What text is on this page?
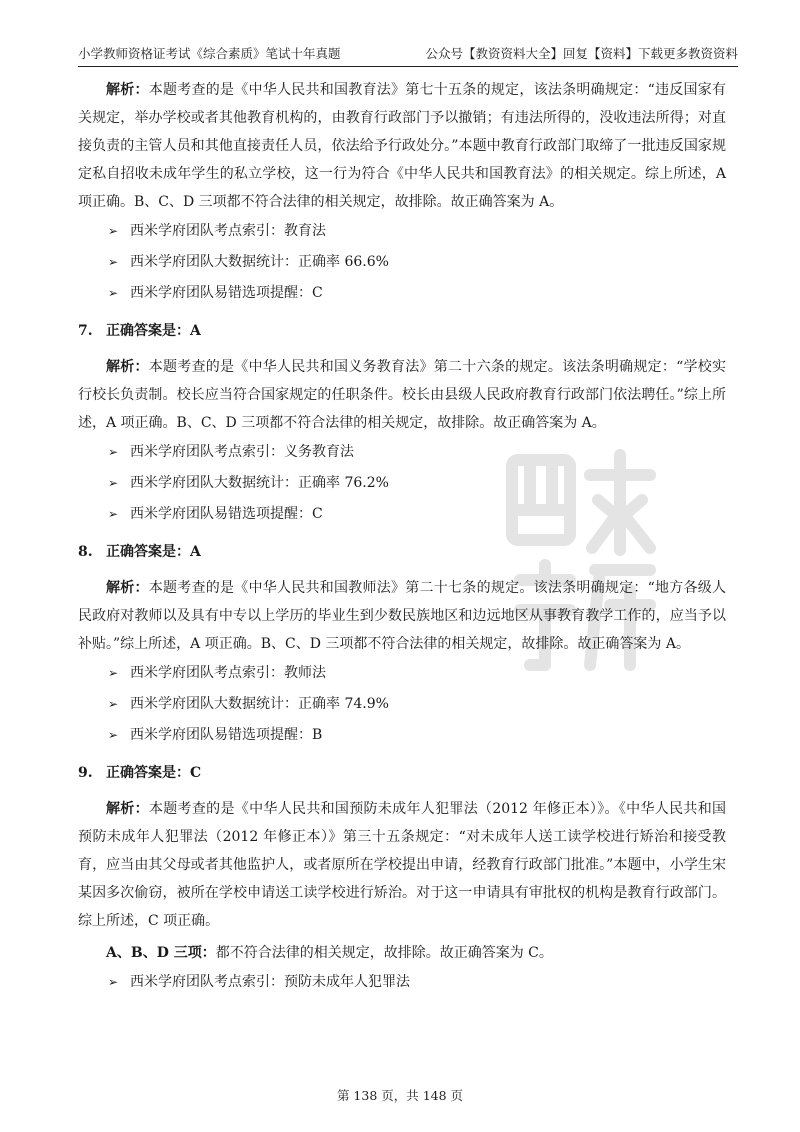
小学教师资格证考试《综合素质》笔试十年真题	公众号【教资资料大全】回复【资料】下载更多教资资料

解析：本题考查的是《中华人民共和国教育法》第七十五条的规定，该法条明确规定：“违反国家有关规定，举办学校或者其他教育机构的，由教育行政部门予以撤销；有违法所得的，没收违法所得；对直接负责的主管人员和其他直接责任人员，依法给予行政处分。”本题中教育行政部门取缔了一批违反国家规定私自招收未成年学生的私立学校，这一行为符合《中华人民共和国教育法》的相关规定。综上所述，A 项正确。B、C、D 三项都不符合法律的相关规定，故排除。故正确答案为 A。

➢ 西米学府团队考点索引：教育法

➢ 西米学府团队大数据统计：正确率 66.6%

➢ 西米学府团队易错选项提醒：C

7. 正确答案是：A

解析：本题考查的是《中华人民共和国义务教育法》第二十六条的规定。该法条明确规定：“学校实行校长负责制。校长应当符合国家规定的任职条件。校长由县级人民政府教育行政部门依法聘任。”综上所述，A 项正确。B、C、D 三项都不符合法律的相关规定，故排除。故正确答案为 A。

➢ 西米学府团队考点索引：义务教育法

➢ 西米学府团队大数据统计：正确率 76.2%

➢ 西米学府团队易错选项提醒：C

8. 正确答案是：A

解析：本题考查的是《中华人民共和国教师法》第二十七条的规定。该法条明确规定：“地方各级人民政府对教师以及具有中专以上学历的毕业生到少数民族地区和边远地区从事教育教学工作的，应当予以补贴。”综上所述，A 项正确。B、C、D 三项都不符合法律的相关规定，故排除。故正确答案为 A。

➢ 西米学府团队考点索引：教师法

➢ 西米学府团队大数据统计：正确率 74.9%

➢ 西米学府团队易错选项提醒：B

9. 正确答案是：C

解析：本题考查的是《中华人民共和国预防未成年人犯罪法（2012 年修正本）》。《中华人民共和国预防未成年人犯罪法（2012 年修正本）》第三十五条规定：“对未成年人送工读学校进行矫治和接受教育，应当由其父母或者其他监护人，或者原所在学校提出申请，经教育行政部门批准。”本题中，小学生宋某因多次偷窃，被所在学校申请送工读学校进行矫治。对于这一申请具有审批权的机构是教育行政部门。综上所述，C 项正确。

A、B、D 三项：都不符合法律的相关规定，故排除。故正确答案为 C。

➢ 西米学府团队考点索引：预防未成年人犯罪法

第 138 页，共 148 页
